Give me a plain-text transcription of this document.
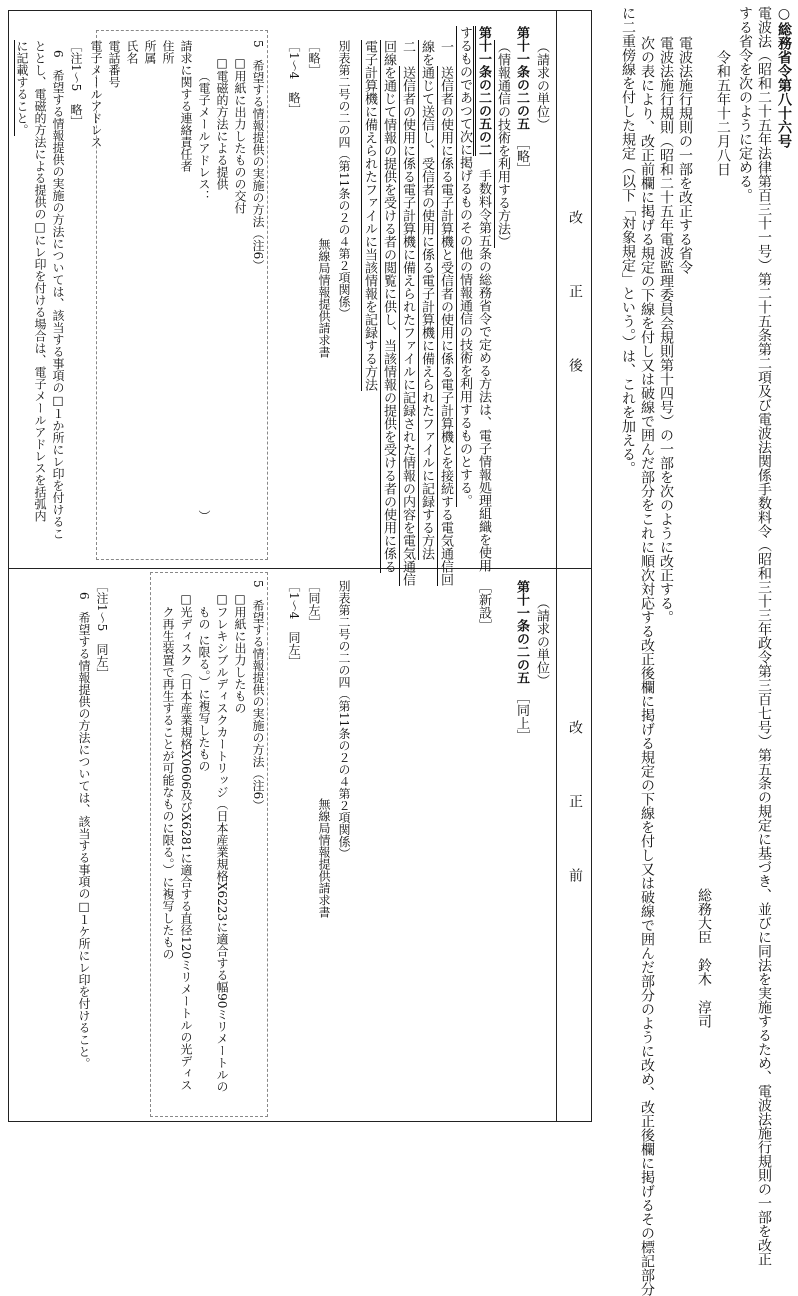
○総務省令第八十六号
電波法（昭和二十五年法律第百三十一号）第二十五条第二項及び電波法関係手数料令（昭和三十三年政令第三百七号）第五条の規定に基づき、並びに同法を実施するため、電波法施行規則の一部を改正
する省令を次のように定める。
令和五年十二月八日
総務大臣　鈴木　淳司
電波法施行規則の一部を改正する省令
電波法施行規則（昭和二十五年電波監理委員会規則第十四号）の一部を次のように改正する。
次の表により、改正前欄に掲げる規定の下線を付し又は破線で囲んだ部分をこれに順次対応する改正後欄に掲げる規定の下線を付し又は破線で囲んだ部分のように改め、改正後欄に掲げるその標記部分
に二重傍線を付した規定（以下「対象規定」という。）は、これを加える。
改正後
改正前
（請求の単位）
第十一条の二の五　［略］
（情報通信の技術を利用する方法）
第十一条の二の五の二　手数料令第五条の総務省令で定める方法は、電子情報処理組織を使用
するものであつて次に掲げるものその他の情報通信の技術を利用するものとする。
一　送信者の使用に係る電子計算機と受信者の使用に係る電子計算機とを接続する電気通信回
線を通じて送信し、受信者の使用に係る電子計算機に備えられたファイルに記録する方法
二　送信者の使用に係る電子計算機に備えられたファイルに記録された情報の内容を電気通信
回線を通じて情報の提供を受ける者の閲覧に供し、当該情報の提供を受ける者の使用に係る
電子計算機に備えられたファイルに当該情報を記録する方法
別表第二号の二の四（第11条の２の４第２項関係）
無線局情報提供請求書
［略］
［1～4　略］
5　希望する情報提供の実施の方法（注6）
□用紙に出力したものの交付
□電磁的方法による提供
（電子メールアドレス：
）
請求に関する連絡責任者
住所
所属
氏名
電話番号
電子メールアドレス
［注1～5　略］
6　希望する情報提供の実施の方法については、該当する事項の□１か所にレ印を付けるこ
ととし、電磁的方法による提供の□にレ印を付ける場合は、電子メールアドレスを括弧内
に記載すること。
（請求の単位）
第十一条の二の五　［同上］
［新設］
別表第二号の二の四（第11条の２の４第２項関係）
無線局情報提供請求書
［同左］
［1～4　同左］
5　希望する情報提供の実施の方法（注6）
□用紙に出力したもの
□フレキシブルディスクカートリッジ（日本産業規格X6223に適合する幅90ミリメートルの
もの に限る。）に複写したもの
□光ディスク（日本産業規格X0606及びX6281に適合する直径120ミリメートルの光ディス
ク再生装置で再生することが可能なものに限る。）に複写したもの
［注1～5　同左］
6　希望する情報提供の方法については、該当する事項の□１ケ所にレ印を付けること。
